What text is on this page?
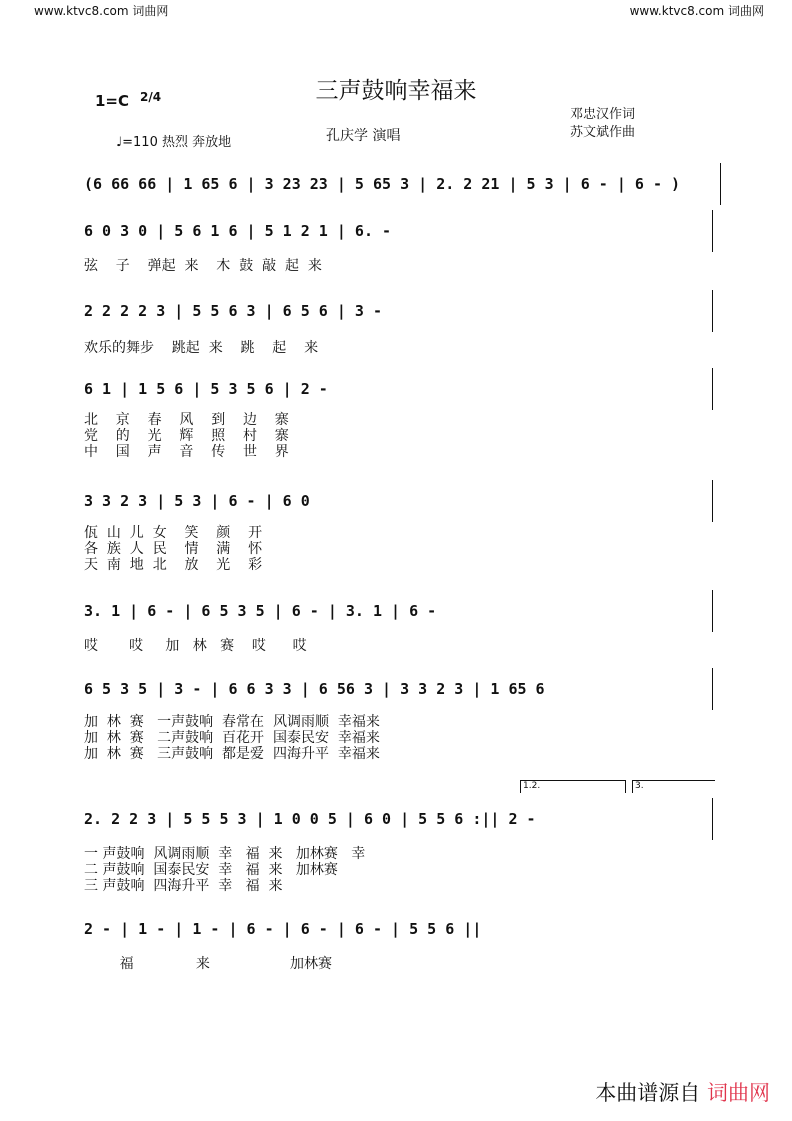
www.ktvc8.com 词曲网	www.ktvc8.com 词曲网
三声鼓响幸福来
1=C 2/4
♩=110 热烈 奔放地	孔庆学 演唱
邓忠汉作词
苏文斌作曲
(6 66 66 | 1 65 6 | 3 23 23 | 5 65 3 | 2. 2 21 | 5 3 | 6 - | 6 - )
6 0 3 0 | 5 6 1 6 | 5 1 2 1 | 6. -
弦    子    弹起  来    木  鼓  敲  起  来
2 2 2 2 3 | 5 5 6 3 | 6 5 6 | 3 -
欢乐的舞步    跳起  来    跳    起    来
6 1 | 1 5 6 | 5 3 5 6 | 2 -
北    京    春    风    到    边    寨
党    的    光    辉    照    村    寨
中    国    声    音    传    世    界
3 3 2 3 | 5 3 | 6 - | 6 0
佤  山  儿  女    笑    颜    开
各  族  人  民    情    满    怀
天  南  地  北    放    光    彩
3. 1 | 6 - | 6 5 3 5 | 6 - | 3. 1 | 6 -
哎       哎     加   林   赛    哎      哎
6 5 3 5 | 3 - | 6 6 3 3 | 6 56 3 | 3 3 2 3 | 1 65 6
加  林  赛   一声鼓响  春常在  风调雨顺  幸福来
加  林  赛   二声鼓响  百花开  国泰民安  幸福来
加  林  赛   三声鼓响  都是爱  四海升平  幸福来
1.2.	3.
2. 2 2 3 | 5 5 5 3 | 1 0 0 5 | 6 0 | 5 5 6 :|| 2 -
一 声鼓响  风调雨顺  幸   福  来   加林赛   幸
二 声鼓响  国泰民安  幸   福  来   加林赛
三 声鼓响  四海升平  幸   福  来
2 - | 1 - | 1 - | 6 - | 6 - | 6 - | 5 5 6 ||
福              来                  加林赛
本曲谱源自 词曲网
